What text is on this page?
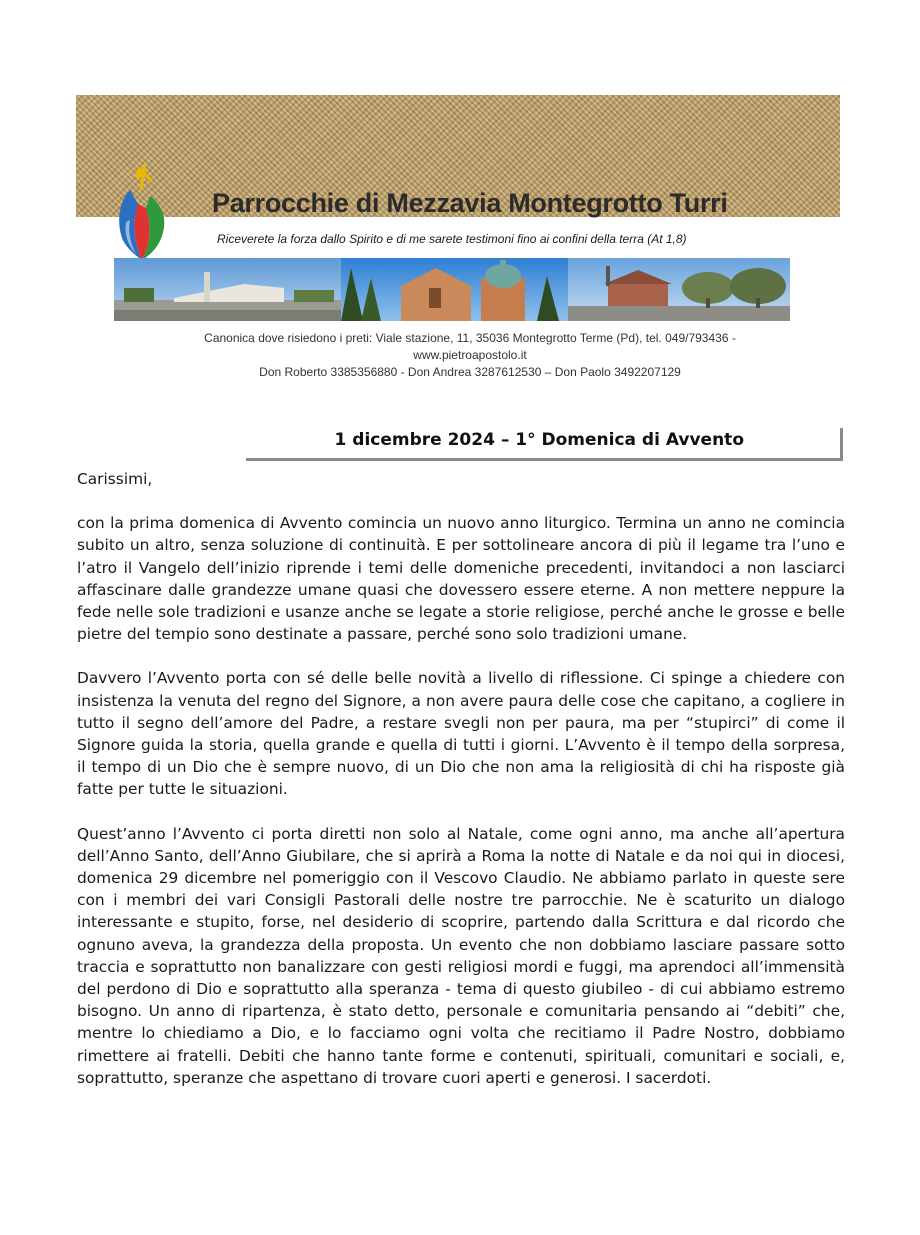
Parrocchie di Mezzavia Montegrotto Turri
Riceverete la forza dallo Spirito e di me sarete testimoni fino ai confini della terra (At 1,8)
Canonica dove risiedono i preti: Viale stazione, 11, 35036 Montegrotto Terme (Pd), tel. 049/793436 -
www.pietroapostolo.it
Don Roberto 3385356880 - Don Andrea 3287612530 – Don Paolo 3492207129
1 dicembre 2024 – 1° Domenica di Avvento

Carissimi,

con la prima domenica di Avvento comincia un nuovo anno liturgico. Termina un anno ne comincia subito un altro, senza soluzione di continuità. E per sottolineare ancora di più il legame tra l’uno e l’atro il Vangelo dell’inizio riprende i temi delle domeniche precedenti, invitandoci a non lasciarci affascinare dalle grandezze umane quasi che dovessero essere eterne. A non mettere neppure la fede nelle sole tradizioni e usanze anche se legate a storie religiose, perché anche le grosse e belle pietre del tempio sono destinate a passare, perché sono solo tradizioni umane.

Davvero l’Avvento porta con sé delle belle novità a livello di riflessione. Ci spinge a chiedere con insistenza la venuta del regno del Signore, a non avere paura delle cose che capitano, a cogliere in tutto il segno dell’amore del Padre, a restare svegli non per paura, ma per “stupirci” di come il Signore guida la storia, quella grande e quella di tutti i giorni. L’Avvento è il tempo della sorpresa, il tempo di un Dio che è sempre nuovo, di un Dio che non ama la religiosità di chi ha risposte già fatte per tutte le situazioni.

Quest’anno l’Avvento ci porta diretti non solo al Natale, come ogni anno, ma anche all’apertura dell’Anno Santo, dell’Anno Giubilare, che si aprirà a Roma la notte di Natale e da noi qui in diocesi, domenica 29 dicembre nel pomeriggio con il Vescovo Claudio. Ne abbiamo parlato in queste sere con i membri dei vari Consigli Pastorali delle nostre tre parrocchie. Ne è scaturito un dialogo interessante e stupito, forse, nel desiderio di scoprire, partendo dalla Scrittura e dal ricordo che ognuno aveva, la grandezza della proposta. Un evento che non dobbiamo lasciare passare sotto traccia e soprattutto non banalizzare con gesti religiosi mordi e fuggi, ma aprendoci all’immensità del perdono di Dio e soprattutto alla speranza - tema di questo giubileo - di cui abbiamo estremo bisogno. Un anno di ripartenza, è stato detto, personale e comunitaria pensando ai “debiti” che, mentre lo chiediamo a Dio, e lo facciamo ogni volta che recitiamo il Padre Nostro, dobbiamo rimettere ai fratelli. Debiti che hanno tante forme e contenuti, spirituali, comunitari e sociali, e, soprattutto, speranze che aspettano di trovare cuori aperti e generosi. I sacerdoti.
